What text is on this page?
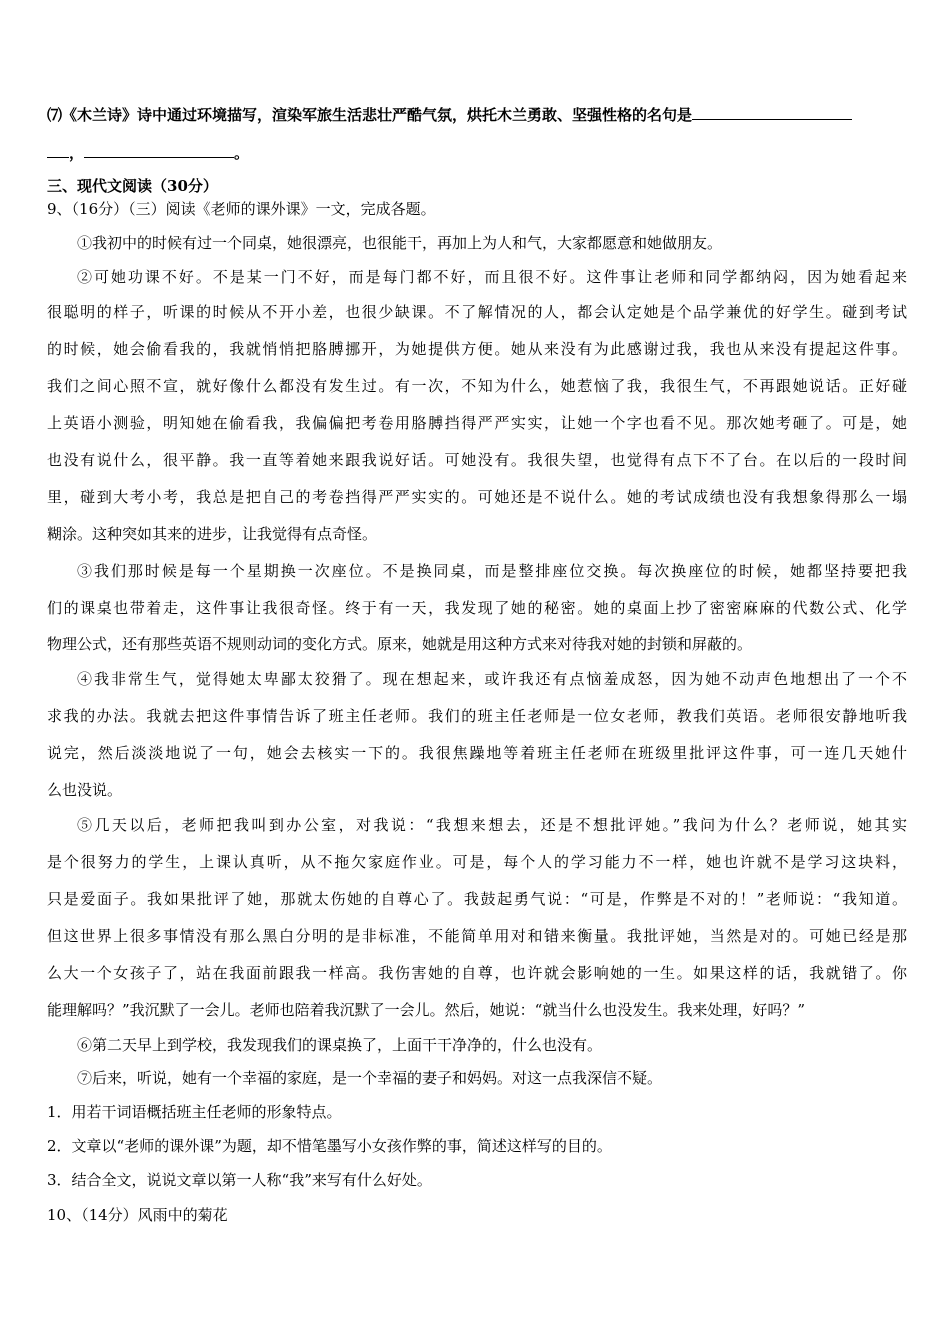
⑺《木兰诗》诗中通过环境描写，渲染军旅生活悲壮严酷气氛，烘托木兰勇敢、坚强性格的名句是
，	。
三、现代文阅读（30分）
9、（16分）（三）阅读《老师的课外课》一文，完成各题。
①我初中的时候有过一个同桌，她很漂亮，也很能干，再加上为人和气，大家都愿意和她做朋友。
②可她功课不好。不是某一门不好，而是每门都不好，而且很不好。这件事让老师和同学都纳闷，因为她看起来
很聪明的样子，听课的时候从不开小差，也很少缺课。不了解情况的人，都会认定她是个品学兼优的好学生。碰到考试
的时候，她会偷看我的，我就悄悄把胳膊挪开，为她提供方便。她从来没有为此感谢过我，我也从来没有提起这件事。
我们之间心照不宣，就好像什么都没有发生过。有一次，不知为什么，她惹恼了我，我很生气，不再跟她说话。正好碰
上英语小测验，明知她在偷看我，我偏偏把考卷用胳膊挡得严严实实，让她一个字也看不见。那次她考砸了。可是，她
也没有说什么，很平静。我一直等着她来跟我说好话。可她没有。我很失望，也觉得有点下不了台。在以后的一段时间
里，碰到大考小考，我总是把自己的考卷挡得严严实实的。可她还是不说什么。她的考试成绩也没有我想象得那么一塌
糊涂。这种突如其来的进步，让我觉得有点奇怪。
③我们那时候是每一个星期换一次座位。不是换同桌，而是整排座位交换。每次换座位的时候，她都坚持要把我
们的课桌也带着走，这件事让我很奇怪。终于有一天，我发现了她的秘密。她的桌面上抄了密密麻麻的代数公式、化学
物理公式，还有那些英语不规则动词的变化方式。原来，她就是用这种方式来对待我对她的封锁和屏蔽的。
④我非常生气，觉得她太卑鄙太狡猾了。现在想起来，或许我还有点恼羞成怒，因为她不动声色地想出了一个不
求我的办法。我就去把这件事情告诉了班主任老师。我们的班主任老师是一位女老师，教我们英语。老师很安静地听我
说完，然后淡淡地说了一句，她会去核实一下的。我很焦躁地等着班主任老师在班级里批评这件事，可一连几天她什
么也没说。
⑤几天以后，老师把我叫到办公室，对我说：“我想来想去，还是不想批评她。”我问为什么？老师说，她其实
是个很努力的学生，上课认真听，从不拖欠家庭作业。可是，每个人的学习能力不一样，她也许就不是学习这块料，
只是爱面子。我如果批评了她，那就太伤她的自尊心了。我鼓起勇气说：“可是，作弊是不对的！”老师说：“我知道。
但这世界上很多事情没有那么黑白分明的是非标准，不能简单用对和错来衡量。我批评她，当然是对的。可她已经是那
么大一个女孩子了，站在我面前跟我一样高。我伤害她的自尊，也许就会影响她的一生。如果这样的话，我就错了。你
能理解吗？”我沉默了一会儿。老师也陪着我沉默了一会儿。然后，她说：“就当什么也没发生。我来处理，好吗？”
⑥第二天早上到学校，我发现我们的课桌换了，上面干干净净的，什么也没有。
⑦后来，听说，她有一个幸福的家庭，是一个幸福的妻子和妈妈。对这一点我深信不疑。
1．用若干词语概括班主任老师的形象特点。
2．文章以“老师的课外课”为题，却不惜笔墨写小女孩作弊的事，简述这样写的目的。
3．结合全文，说说文章以第一人称“我”来写有什么好处。
10、（14分）风雨中的菊花
